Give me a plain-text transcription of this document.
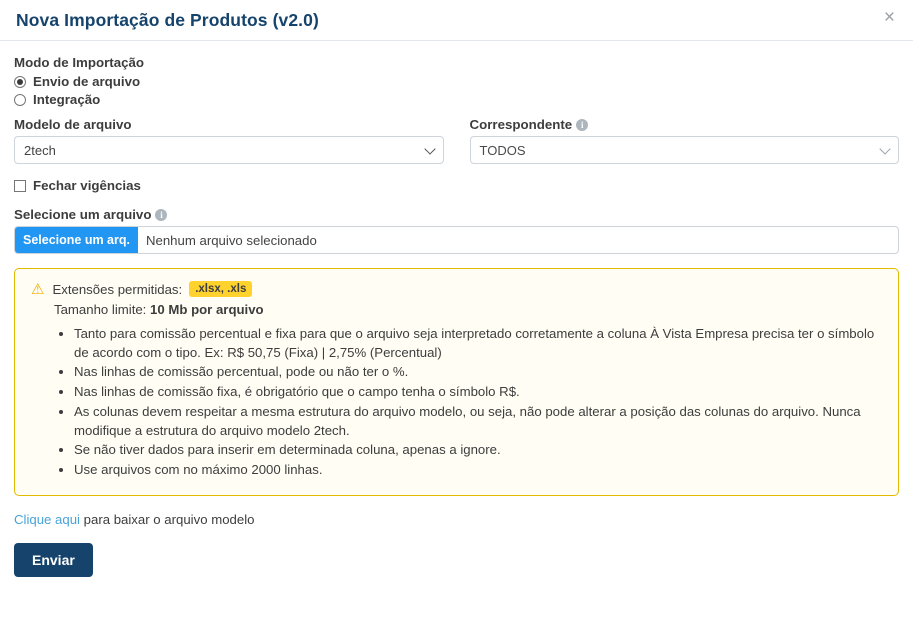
Nova Importação de Produtos (v2.0)	×
Modo de Importação
Envio de arquivo
Integração
Modelo de arquivo
2tech
Correspondente i
TODOS
Fechar vigências
Selecione um arquivo i
Selecione um arq.	Nenhum arquivo selecionado
⚠ Extensões permitidas:	.xlsx, .xls
Tamanho limite: 10 Mb por arquivo
• Tanto para comissão percentual e fixa para que o arquivo seja interpretado corretamente a coluna À Vista Empresa precisa ter o símbolo de acordo com o tipo. Ex: R$ 50,75 (Fixa) | 2,75% (Percentual)
• Nas linhas de comissão percentual, pode ou não ter o %.
• Nas linhas de comissão fixa, é obrigatório que o campo tenha o símbolo R$.
• As colunas devem respeitar a mesma estrutura do arquivo modelo, ou seja, não pode alterar a posição das colunas do arquivo. Nunca modifique a estrutura do arquivo modelo 2tech.
• Se não tiver dados para inserir em determinada coluna, apenas a ignore.
• Use arquivos com no máximo 2000 linhas.
Clique aqui para baixar o arquivo modelo
Enviar
